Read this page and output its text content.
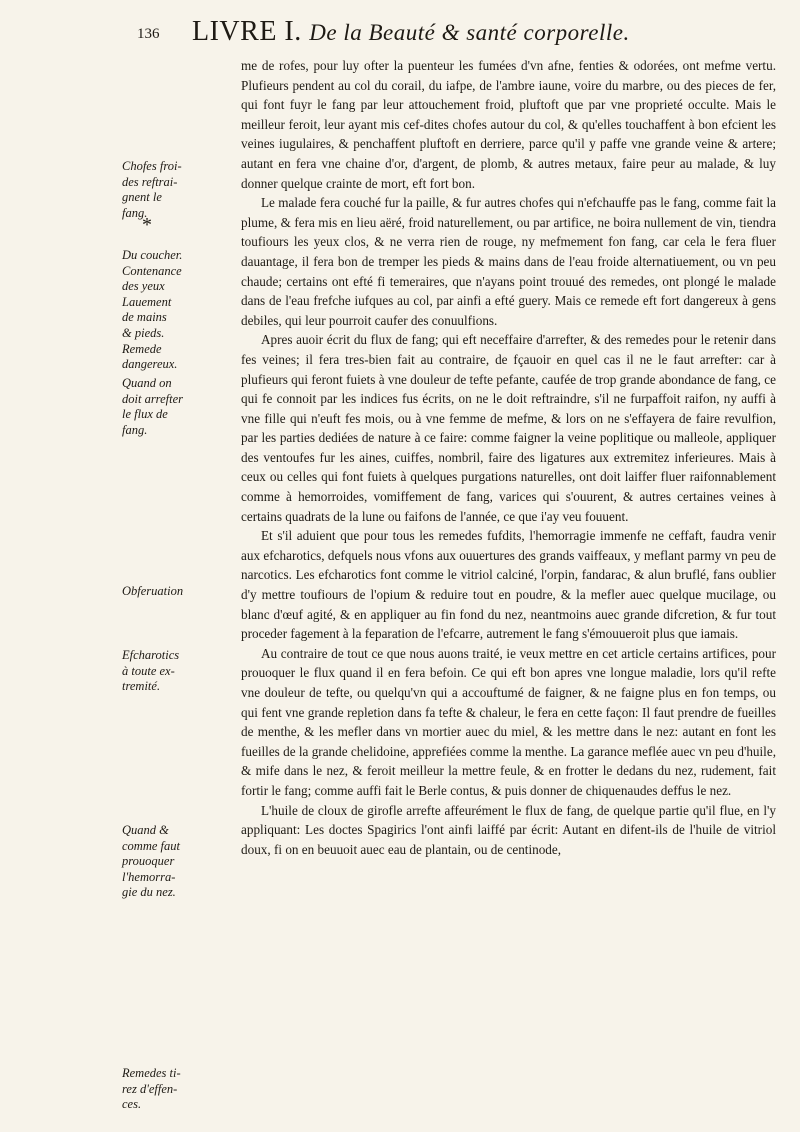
136 LIVRE I. De la Beauté & santé corporelle.
Chofes froi-
des reftrai-
gnent le
fang.
*
Du coucher.
Contenance
des yeux
Lauement
de mains
& pieds.
Remede
dangereux.
Quand on
doit arrefter
le flux de
fang.
Obferuation
Efcharotics
à toute ex-
tremité.
Quand &
comme faut
prouoquer
l'hemorra-
gie du nez.
Remedes ti-
rez d'effen-
ces.

me de rofes, pour luy ofter la puenteur les fumées d'vn afne, fenties & odorées, ont mefme vertu. Plufieurs pendent au col du corail, du iafpe, de l'ambre iaune, voire du marbre, ou des pieces de fer, qui font fuyr le fang par leur attouchement froid, pluftoft que par vne proprieté occulte. Mais le meilleur feroit, leur ayant mis cef-dites chofes autour du col, & qu'elles touchaffent à bon efcient les veines iugulaires, & penchaffent pluftoft en derriere, parce qu'il y paffe vne grande veine & artere; autant en fera vne chaine d'or, d'argent, de plomb, & autres metaux, faire peur au malade, & luy donner quelque crainte de mort, eft fort bon.

Le malade fera couché fur la paille, & fur autres chofes qui n'efchauffe pas le fang, comme fait la plume, & fera mis en lieu aëré, froid naturellement, ou par artifice, ne boira nullement de vin, tiendra toufiours les yeux clos, & ne verra rien de rouge, ny mefmement fon fang, car cela le fera fluer dauantage, il fera bon de tremper les pieds & mains dans de l'eau froide alternatiuement, ou vn peu chaude; certains ont efté fi temeraires, que n'ayans point trouué des remedes, ont plongé le malade dans de l'eau frefche iufques au col, par ainfi a efté guery. Mais ce remede eft fort dangereux à gens debiles, qui leur pourroit caufer des conuulfions.

Apres auoir écrit du flux de fang; qui eft neceffaire d'arrefter, & des remedes pour le retenir dans fes veines; il fera tres-bien fait au contraire, de fçauoir en quel cas il ne le faut arrefter: car à plufieurs qui feront fuiets à vne douleur de tefte pefante, caufée de trop grande abondance de fang, ce qui fe connoit par les indices fus écrits, on ne le doit reftraindre, s'il ne furpaffoit raifon, ny auffi à vne fille qui n'euft fes mois, ou à vne femme de mefme, & lors on ne s'effayera de faire revulfion, par les parties dediées de nature à ce faire: comme faigner la veine poplitique ou malleole, appliquer des ventoufes fur les aines, cuiffes, nombril, faire des ligatures aux extremitez inferieures. Mais à ceux ou celles qui font fuiets à quelques purgations naturelles, ont doit laiffer fluer raifonnablement comme à hemorroides, vomiffement de fang, varices qui s'ouurent, & autres certaines veines à certains quadrats de la lune ou faifons de l'année, ce que i'ay veu fouuent.

Et s'il aduient que pour tous les remedes fufdits, l'hemorragie immenfe ne ceffaft, faudra venir aux efcharotics, defquels nous vfons aux ouuertures des grands vaiffeaux, y meflant parmy vn peu de narcotics. Les efcharotics font comme le vitriol calciné, l'orpin, fandarac, & alun bruflé, fans oublier d'y mettre toufiours de l'opium & reduire tout en poudre, & la mefler auec quelque mucilage, ou blanc d'œuf agité, & en appliquer au fin fond du nez, neantmoins auec grande difcretion, & fur tout proceder fagement à la feparation de l'efcarre, autrement le fang s'émouueroit plus que iamais.

Au contraire de tout ce que nous auons traité, ie veux mettre en cet article certains artifices, pour prouoquer le flux quand il en fera befoin. Ce qui eft bon apres vne longue maladie, lors qu'il refte vne douleur de tefte, ou quelqu'vn qui a accouftumé de faigner, & ne faigne plus en fon temps, ou qui fent vne grande repletion dans fa tefte & chaleur, le fera en cette façon: Il faut prendre de fueilles de menthe, & les mefler dans vn mortier auec du miel, & les mettre dans le nez: autant en font les fueilles de la grande chelidoine, apprefiées comme la menthe. La garance meflée auec vn peu d'huile, & mife dans le nez, & feroit meilleur la mettre feule, & en frotter le dedans du nez, rudement, fait fortir le fang; comme auffi fait le Berle contus, & puis donner de chiquenaudes deffus le nez.

L'huile de cloux de girofle arrefte affeurément le flux de fang, de quelque partie qu'il flue, en l'y appliquant: Les doctes Spagirics l'ont ainfi laiffé par écrit: Autant en difent-ils de l'huile de vitriol doux, fi on en beuuoit auec eau de plantain, ou de centinode,
